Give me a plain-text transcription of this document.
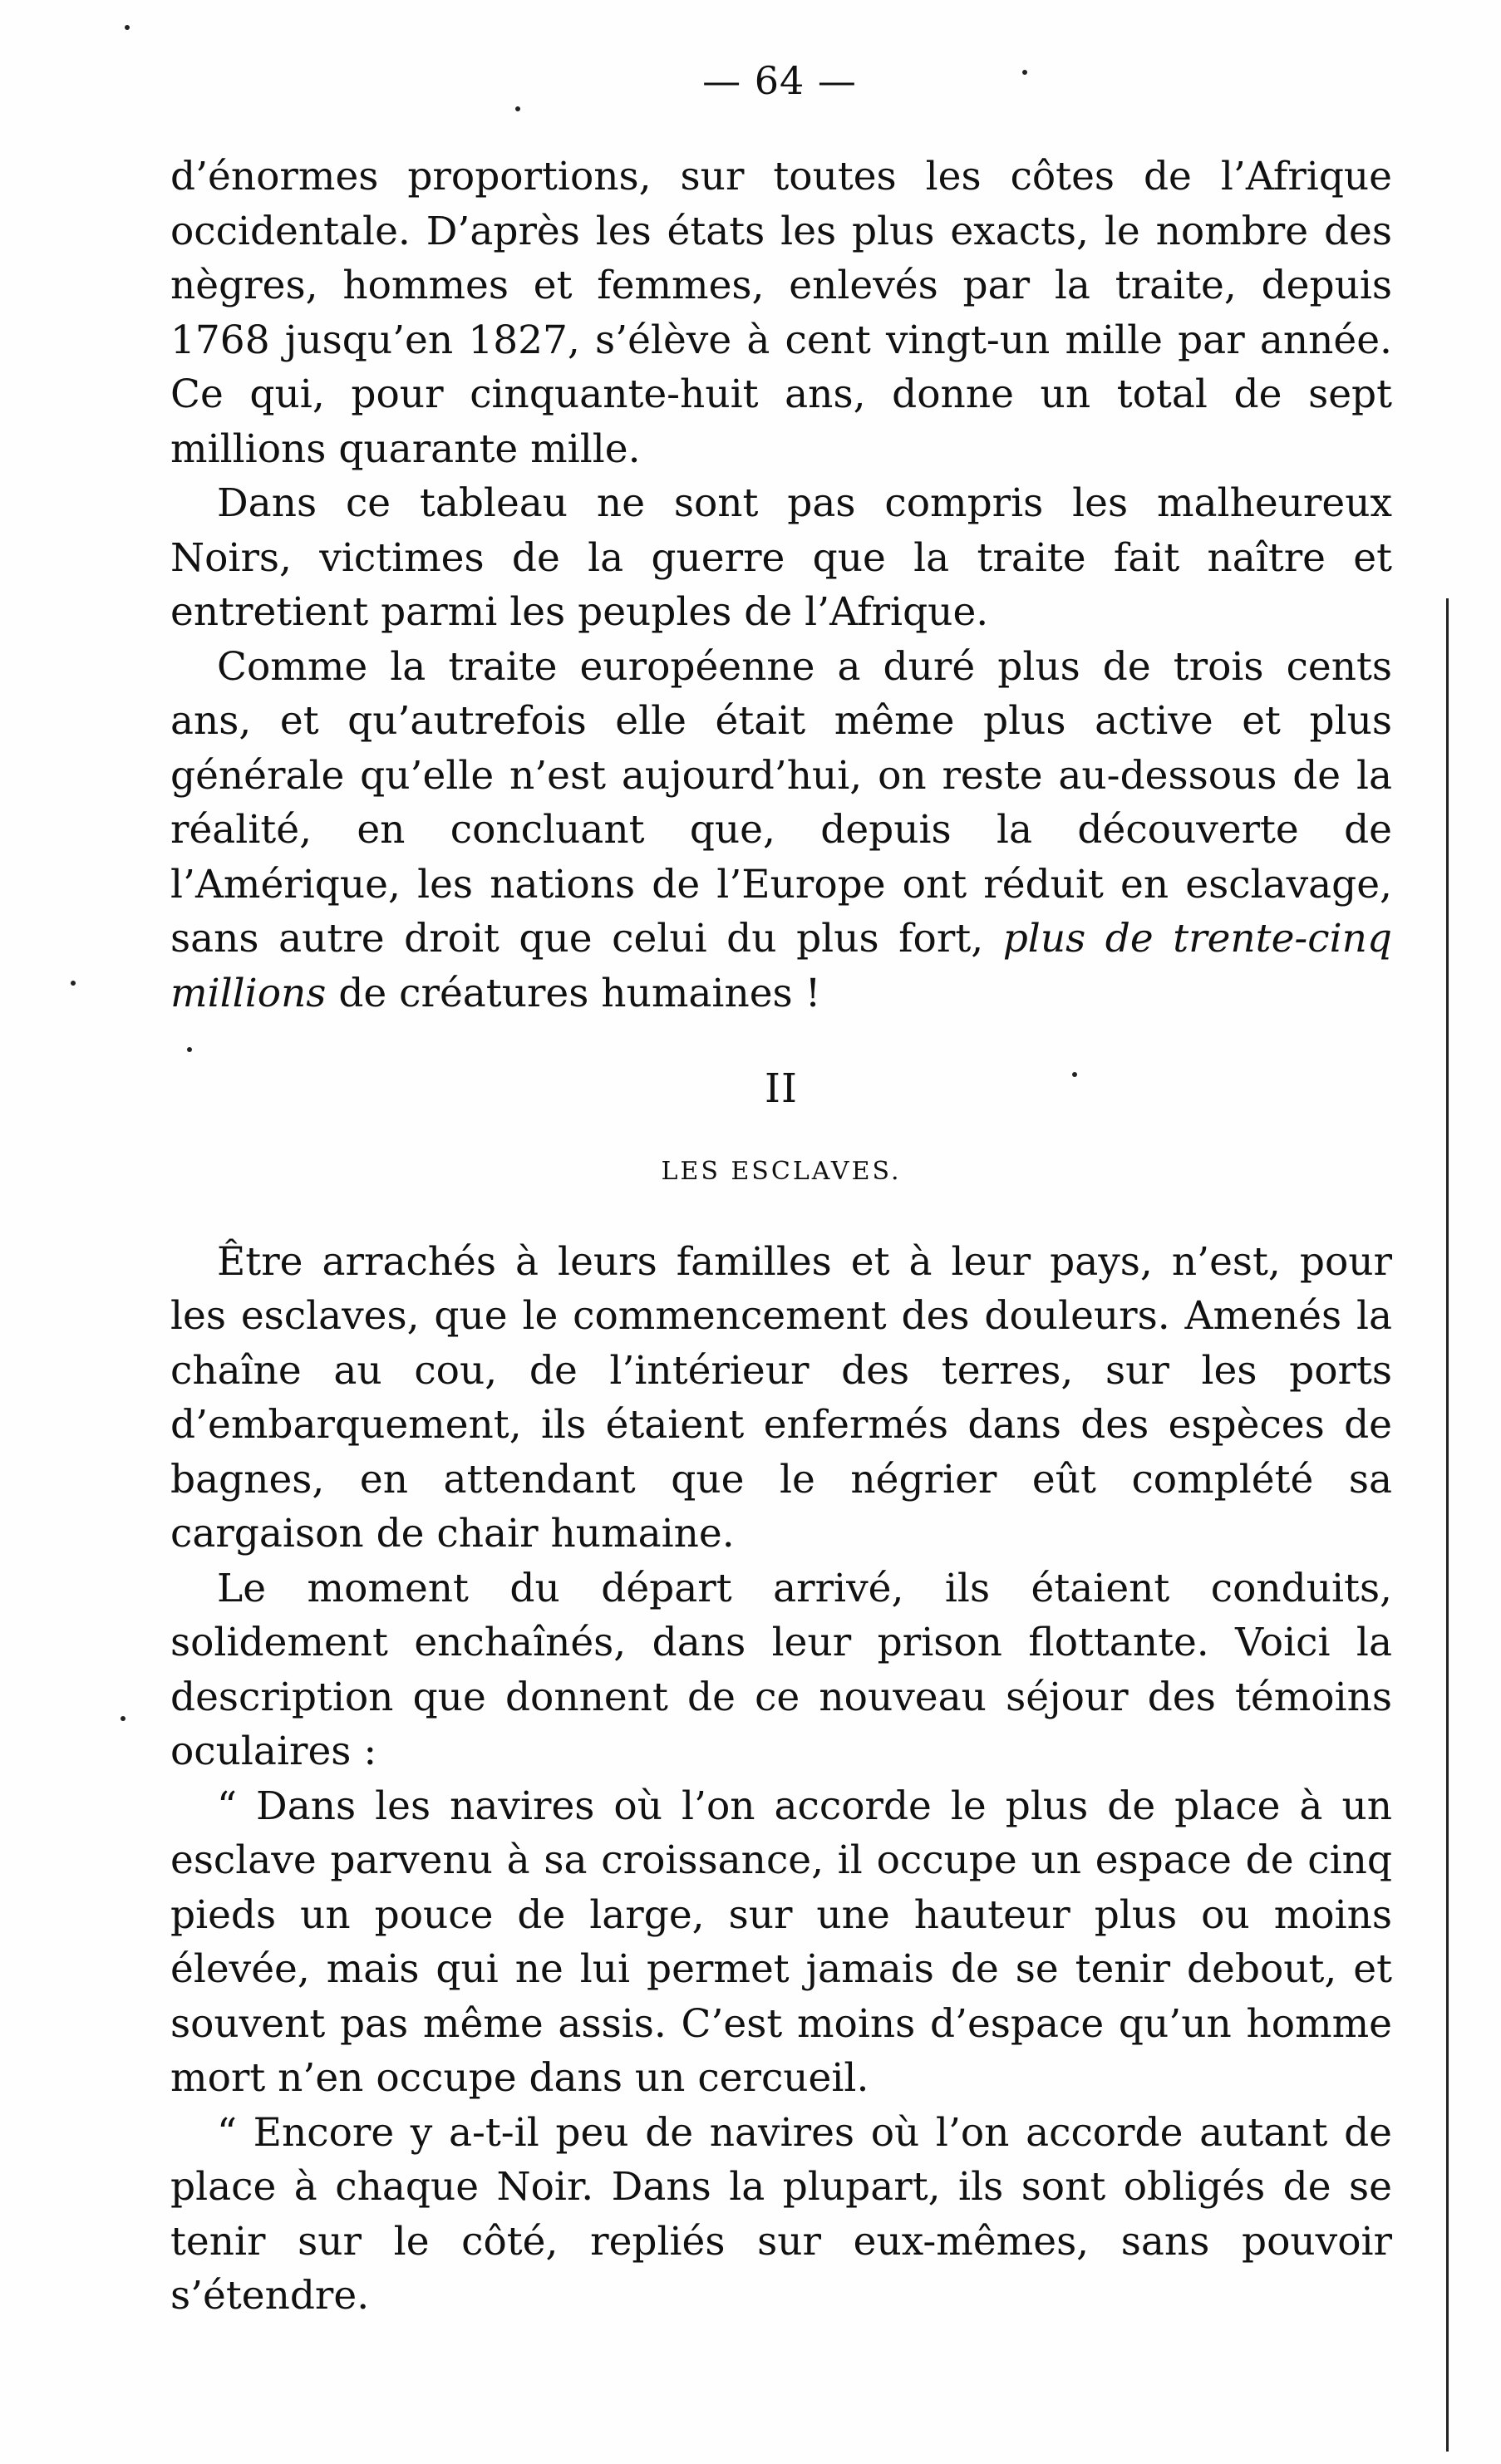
— 64 —

d’énormes proportions, sur toutes les côtes de l’Afrique occidentale. D’après les états les plus exacts, le nombre des nègres, hommes et femmes, enlevés par la traite, depuis 1768 jusqu’en 1827, s’élève à cent vingt-un mille par année. Ce qui, pour cinquante-huit ans, donne un total de sept millions quarante mille.

Dans ce tableau ne sont pas compris les malheureux Noirs, victimes de la guerre que la traite fait naître et entretient parmi les peuples de l’Afrique.

Comme la traite européenne a duré plus de trois cents ans, et qu’autrefois elle était même plus active et plus générale qu’elle n’est aujourd’hui, on reste au-dessous de la réalité, en concluant que, depuis la découverte de l’Amérique, les nations de l’Europe ont réduit en esclavage, sans autre droit que celui du plus fort, plus de trente-cinq millions de créatures humaines !

II
LES ESCLAVES.

Être arrachés à leurs familles et à leur pays, n’est, pour les esclaves, que le commencement des douleurs. Amenés la chaîne au cou, de l’intérieur des terres, sur les ports d’embarquement, ils étaient enfermés dans des espèces de bagnes, en attendant que le négrier eût complété sa cargaison de chair humaine.

Le moment du départ arrivé, ils étaient conduits, solidement enchaînés, dans leur prison flottante. Voici la description que donnent de ce nouveau séjour des témoins oculaires :

“ Dans les navires où l’on accorde le plus de place à un esclave parvenu à sa croissance, il occupe un espace de cinq pieds un pouce de large, sur une hauteur plus ou moins élevée, mais qui ne lui permet jamais de se tenir debout, et souvent pas même assis. C’est moins d’espace qu’un homme mort n’en occupe dans un cercueil.

“ Encore y a-t-il peu de navires où l’on accorde autant de place à chaque Noir. Dans la plupart, ils sont obligés de se tenir sur le côté, repliés sur eux-mêmes, sans pouvoir s’étendre.
